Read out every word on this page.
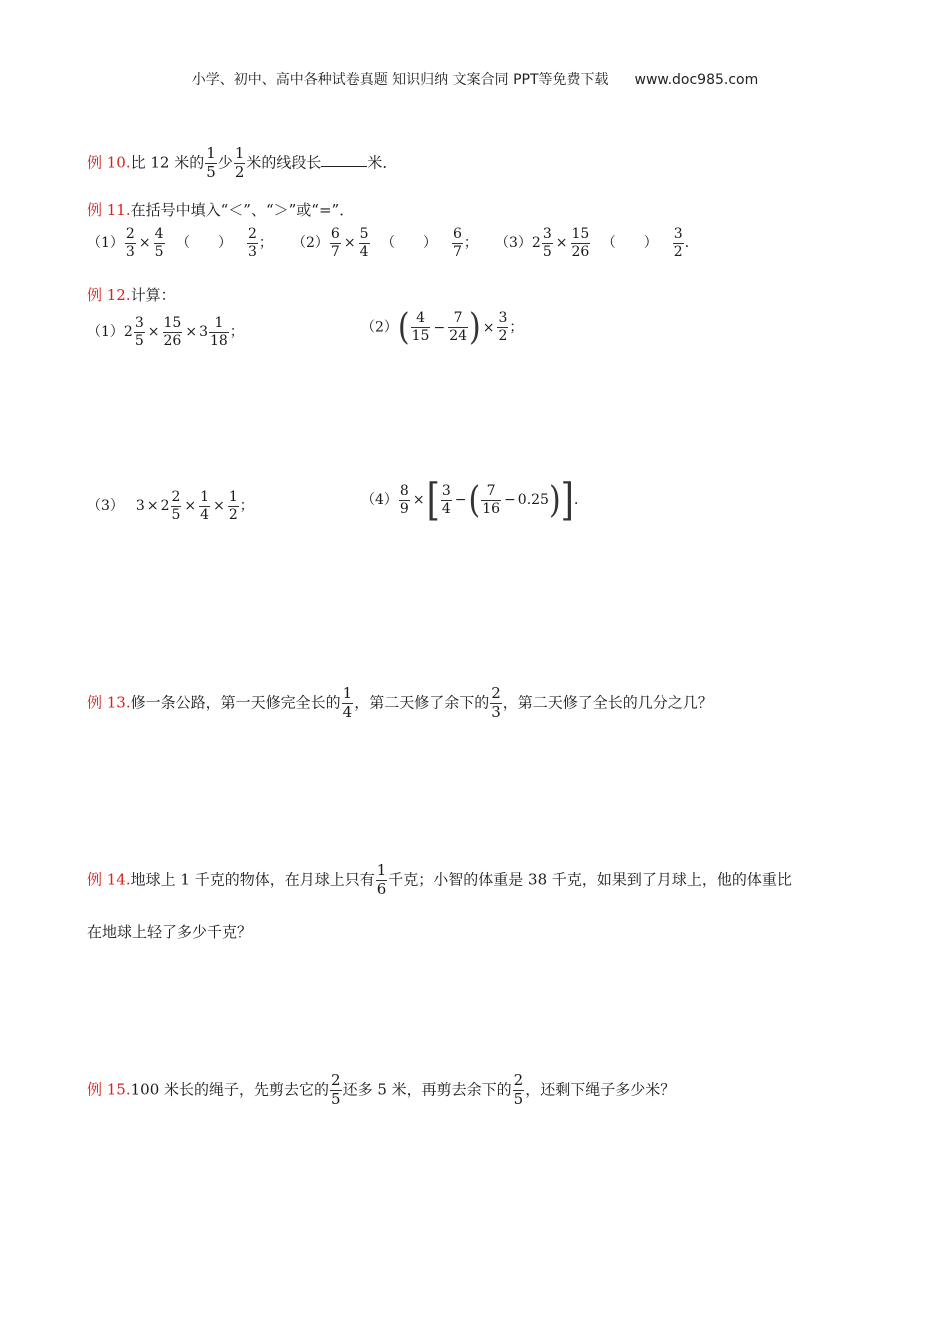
小学、初中、高中各种试卷真题 知识归纳 文案合同 PPT等免费下载 www.doc985.com
例 10.比 12 米的 $\frac{1}{5}$ 少 $\frac{1}{2}$ 米的线段长	米．
例 11.在括号中填入“＜”、“＞”或“=”．
$(1) \frac{2}{3} \times \frac{4}{5}$ （　　） $\frac{2}{3}$ ； $(2) \frac{6}{7} \times \frac{5}{4}$ （　　） $\frac{6}{7}$ ； $(3)2 \frac{3}{5} \times \frac{15}{26}$ （　　） $\frac{3}{2}$ ．
例 12.计算：
$(1)2 \frac{3}{5} \times \frac{15}{26} \times 3 \frac{1}{18}$ ；	$(2)( \frac{4}{15} - \frac{7}{24}$ ) × $\frac{3}{2}$ ；
（3） $3 \times 2 \frac{2}{5} \times \frac{1}{4} \times \frac{1}{2}$ ；	$(4) \frac{8}{9}$ ×[ $\frac{3}{4}$ −( $\frac{7}{16} - 0.25$)]．
例 13.修一条公路，第一天修完全长的 $\frac{1}{4}$ ，第二天修了余下的 $\frac{2}{3}$ ，第二天修了全长的几分之几？
例 14.地球上 1 千克的物体，在月球上只有 $\frac{1}{6}$ 千克；小智的体重是 38 千克，如果到了月球上，他的体重比
在地球上轻了多少千克？
例 15.100 米长的绳子，先剪去它的 $\frac{2}{5}$ 还多 5 米，再剪去余下的 $\frac{2}{5}$ ，还剩下绳子多少米？
